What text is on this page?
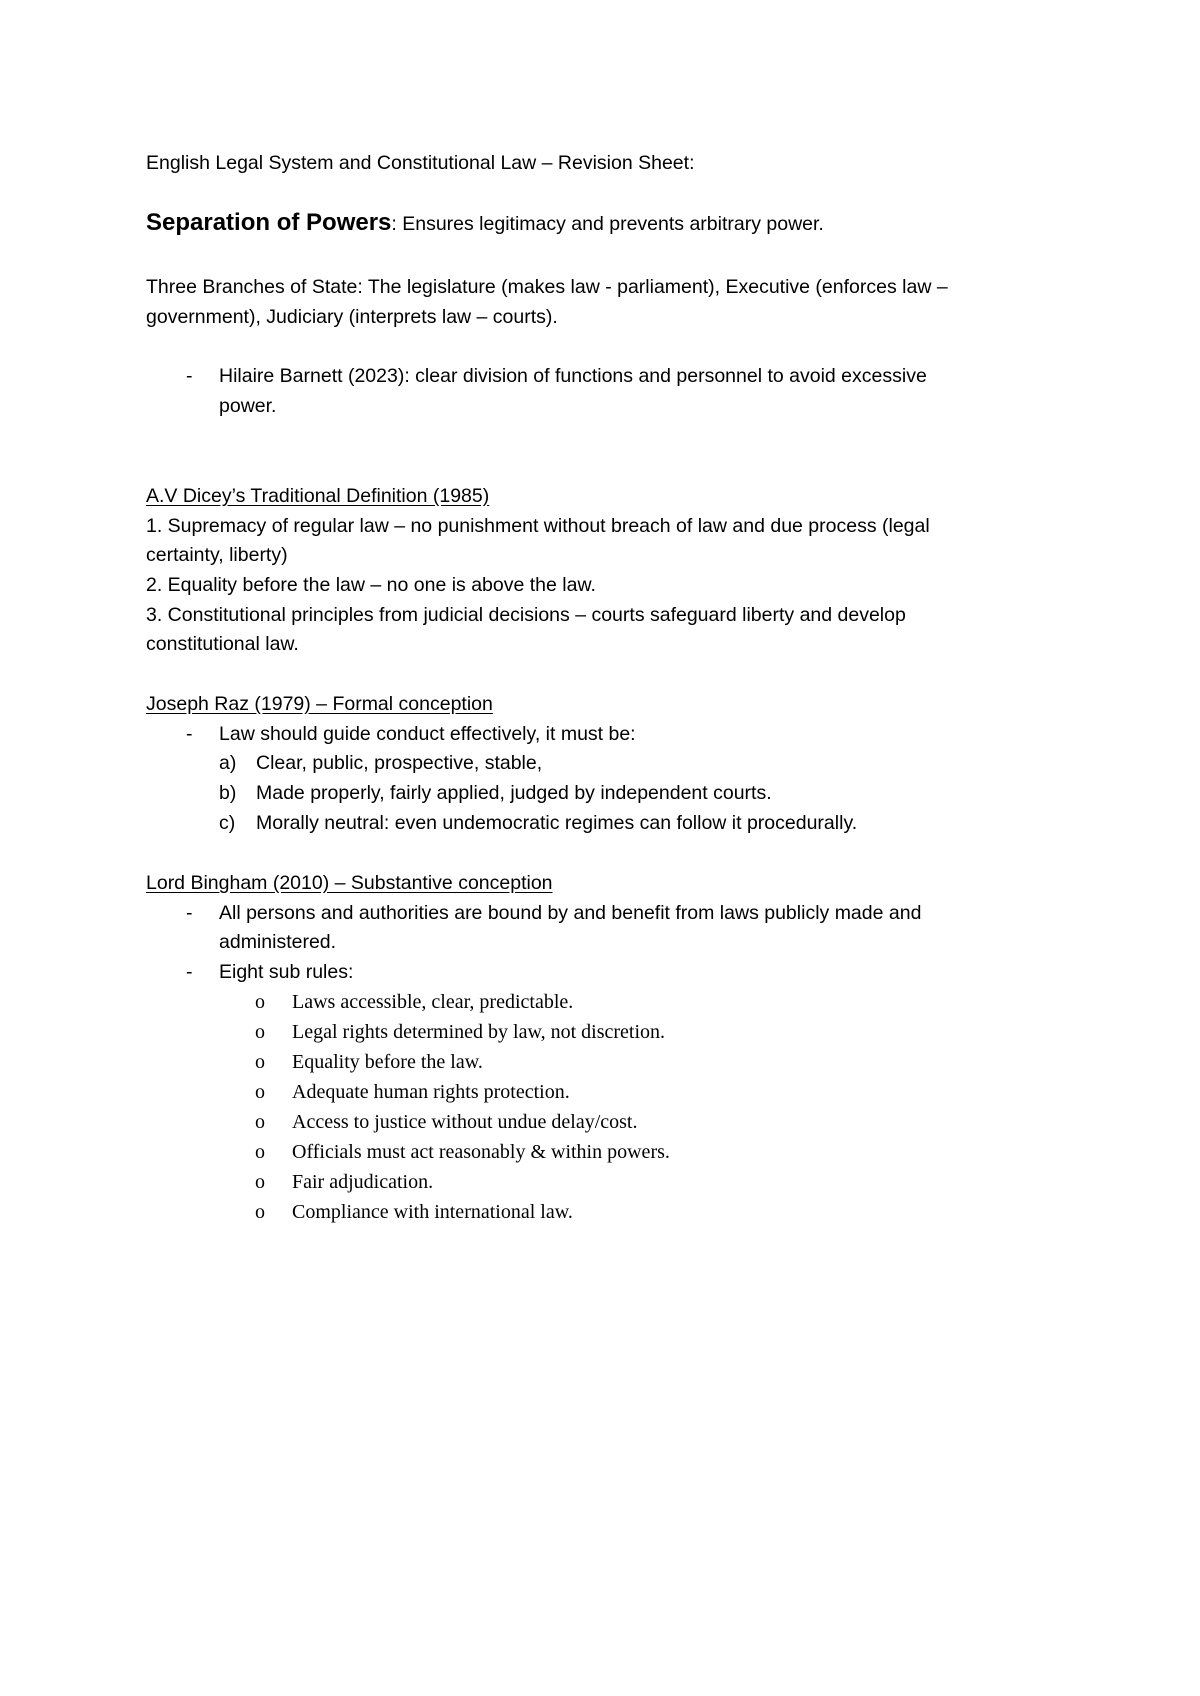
English Legal System and Constitutional Law – Revision Sheet:
Separation of Powers: Ensures legitimacy and prevents arbitrary power.
Three Branches of State: The legislature (makes law - parliament), Executive (enforces law –
government), Judiciary (interprets law – courts).
- Hilaire Barnett (2023): clear division of functions and personnel to avoid excessive
power.
A.V Dicey’s Traditional Definition (1985)
1. Supremacy of regular law – no punishment without breach of law and due process (legal
certainty, liberty)
2. Equality before the law – no one is above the law.
3. Constitutional principles from judicial decisions – courts safeguard liberty and develop
constitutional law.
Joseph Raz (1979) – Formal conception
- Law should guide conduct effectively, it must be:
a) Clear, public, prospective, stable,
b) Made properly, fairly applied, judged by independent courts.
c) Morally neutral: even undemocratic regimes can follow it procedurally.
Lord Bingham (2010) – Substantive conception
- All persons and authorities are bound by and benefit from laws publicly made and
administered.
- Eight sub rules:
o Laws accessible, clear, predictable.
o Legal rights determined by law, not discretion.
o Equality before the law.
o Adequate human rights protection.
o Access to justice without undue delay/cost.
o Officials must act reasonably & within powers.
o Fair adjudication.
o Compliance with international law.
